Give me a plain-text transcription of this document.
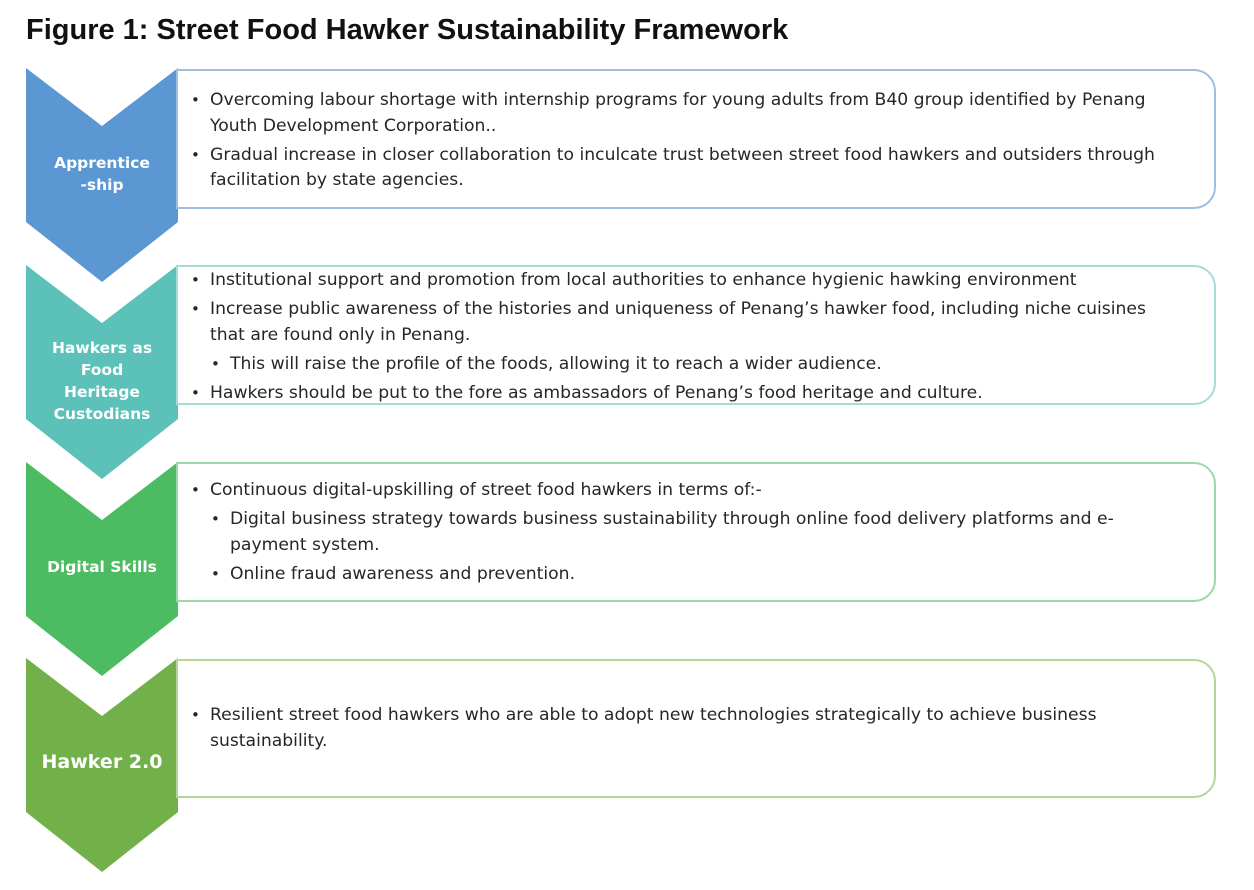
Figure 1: Street Food Hawker Sustainability Framework
Apprentice
-ship
• Overcoming labour shortage with internship programs for young adults from B40 group identified by Penang Youth Development Corporation..
• Gradual increase in closer collaboration to inculcate trust between street food hawkers and outsiders through facilitation by state agencies.
Hawkers as Food
Heritage
Custodians
• Institutional support and promotion from local authorities to enhance hygienic hawking environment
• Increase public awareness of the histories and uniqueness of Penang’s hawker food, including niche cuisines that are found only in Penang.
• This will raise the profile of the foods, allowing it to reach a wider audience.
• Hawkers should be put to the fore as ambassadors of Penang’s food heritage and culture.
Digital Skills
• Continuous digital-upskilling of street food hawkers in terms of:-
• Digital business strategy towards business sustainability through online food delivery platforms and e-payment system.
• Online fraud awareness and prevention.
Hawker 2.0
• Resilient street food hawkers who are able to adopt new technologies strategically to achieve business sustainability.
